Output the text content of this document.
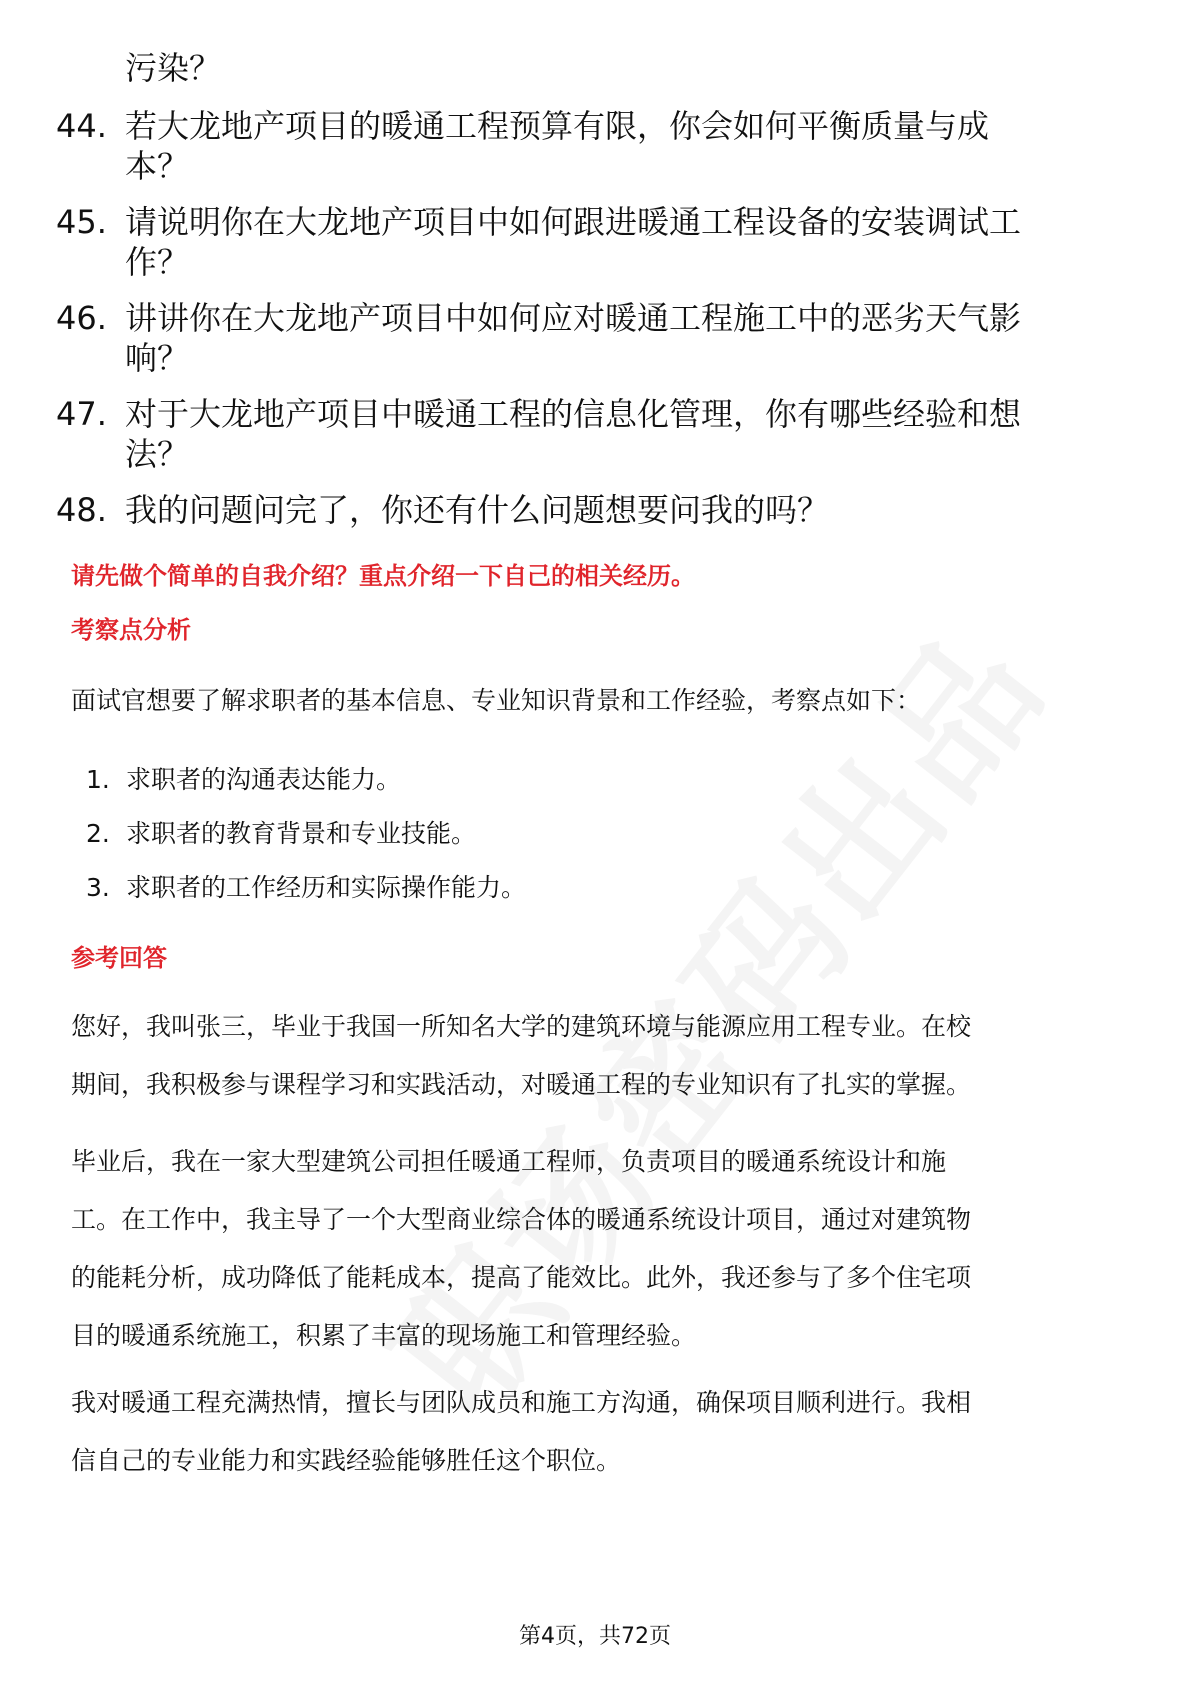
污染？
44. 若大龙地产项目的暖通工程预算有限，你会如何平衡质量与成
本？
45. 请说明你在大龙地产项目中如何跟进暖通工程设备的安装调试工
作？
46. 讲讲你在大龙地产项目中如何应对暖通工程施工中的恶劣天气影
响？
47. 对于大龙地产项目中暖通工程的信息化管理，你有哪些经验和想
法？
48. 我的问题问完了，你还有什么问题想要问我的吗？
请先做个简单的自我介绍？重点介绍一下自己的相关经历。
考察点分析
面试官想要了解求职者的基本信息、专业知识背景和工作经验，考察点如下：
1. 求职者的沟通表达能力。
2. 求职者的教育背景和专业技能。
3. 求职者的工作经历和实际操作能力。
参考回答
您好，我叫张三，毕业于我国一所知名大学的建筑环境与能源应用工程专业。在校
期间，我积极参与课程学习和实践活动，对暖通工程的专业知识有了扎实的掌握。
毕业后，我在一家大型建筑公司担任暖通工程师，负责项目的暖通系统设计和施
工。在工作中，我主导了一个大型商业综合体的暖通系统设计项目，通过对建筑物
的能耗分析，成功降低了能耗成本，提高了能效比。此外，我还参与了多个住宅项
目的暖通系统施工，积累了丰富的现场施工和管理经验。
我对暖通工程充满热情，擅长与团队成员和施工方沟通，确保项目顺利进行。我相
信自己的专业能力和实践经验能够胜任这个职位。
第4页，共72页
